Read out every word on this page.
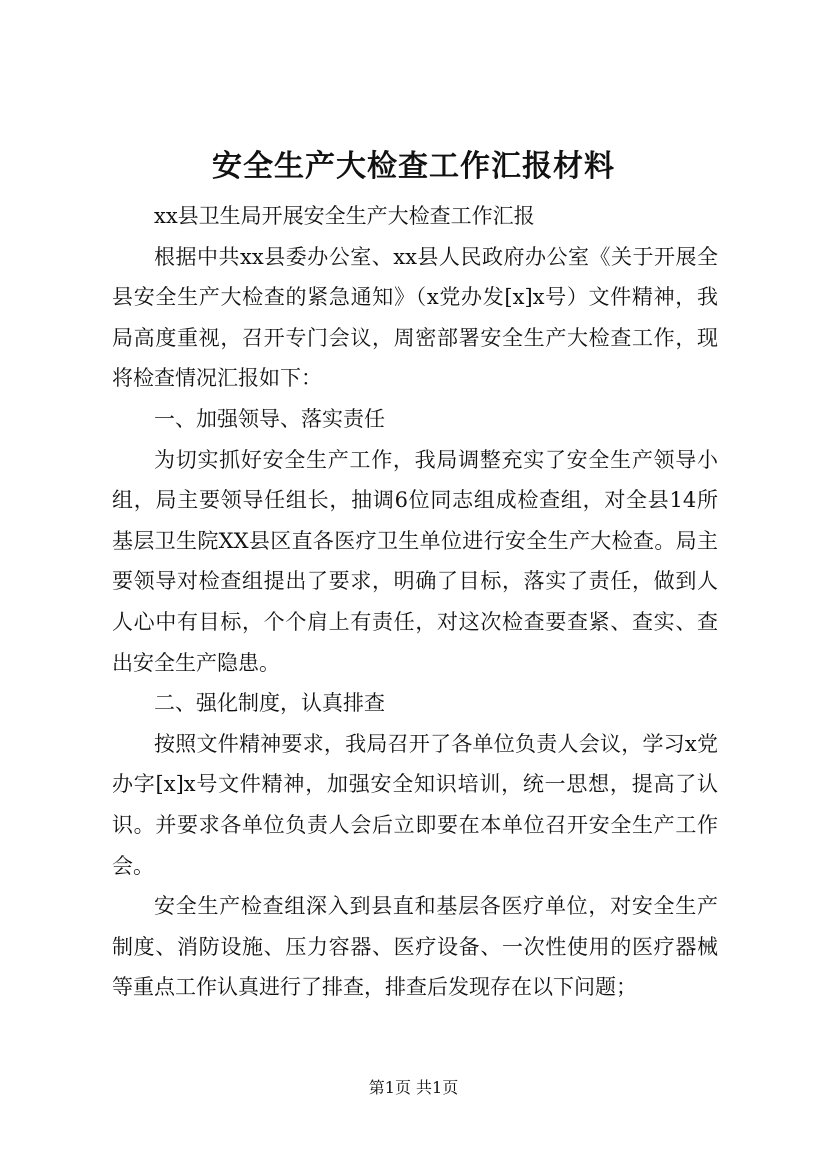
安全生产大检查工作汇报材料

xx县卫生局开展安全生产大检查工作汇报

根据中共xx县委办公室、xx县人民政府办公室《关于开展全县安全生产大检查的紧急通知》（x党办发[x]x号）文件精神，我局高度重视，召开专门会议，周密部署安全生产大检查工作，现将检查情况汇报如下：

一、加强领导、落实责任

为切实抓好安全生产工作，我局调整充实了安全生产领导小组，局主要领导任组长，抽调6位同志组成检查组，对全县14所基层卫生院XX县区直各医疗卫生单位进行安全生产大检查。局主要领导对检查组提出了要求，明确了目标，落实了责任，做到人人心中有目标，个个肩上有责任，对这次检查要查紧、查实、查出安全生产隐患。

二、强化制度，认真排查

按照文件精神要求，我局召开了各单位负责人会议，学习x党办字[x]x号文件精神，加强安全知识培训，统一思想，提高了认识。并要求各单位负责人会后立即要在本单位召开安全生产工作会。

安全生产检查组深入到县直和基层各医疗单位，对安全生产制度、消防设施、压力容器、医疗设备、一次性使用的医疗器械等重点工作认真进行了排查，排查后发现存在以下问题；

第1页 共1页
